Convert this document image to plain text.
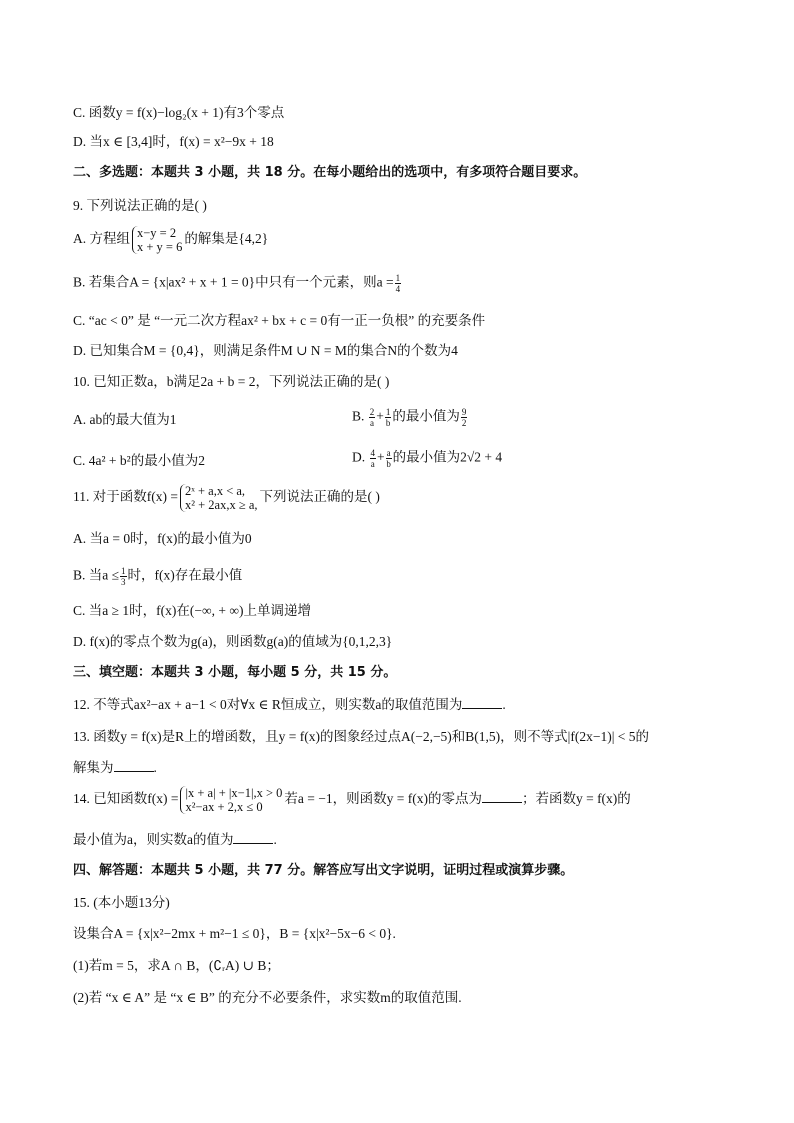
C. 函数y = f(x)−log₂(x + 1)有3个零点
D. 当x ∈ [3,4]时，f(x) = x²−9x + 18
二、多选题：本题共 3 小题，共 18 分。在每小题给出的选项中，有多项符合题目要求。
9. 下列说法正确的是( )
A. 方程组 x−y = 2
x + y = 6
的解集是{4,2}
B. 若集合A = {x|ax² + x + 1 = 0}中只有一个元素，则$a = \frac{1}{4}$
C. “ac < 0” 是 “一元二次方程ax² + bx + c = 0有一正一负根” 的充要条件
D. 已知集合M = {0,4}，则满足条件M ∪ N = M的集合N的个数为4
10. 已知正数a，b满足2a + b = 2，下列说法正确的是( )
A. ab的最大值为1	B. $\frac{2}{a} + \frac{1}{b}$ 的最小值为 $\frac{9}{2}$
C. 4a² + b²的最小值为2	D. $\frac{4}{a} + \frac{a}{b}$ 的最小值为2√2 + 4
11. 对于函数f(x) = 2ˣ + a,x < a,
x² + 2ax,x ≥ a,
下列说法正确的是( )
A. 当a = 0时，f(x)的最小值为0
B. 当$a \le \frac{1}{3}$ 时，f(x)存在最小值
C. 当a ≥ 1时，f(x)在(−∞, + ∞)上单调递增
D. f(x)的零点个数为g(a)，则函数g(a)的值域为{0,1,2,3}
三、填空题：本题共 3 小题，每小题 5 分，共 15 分。
12. 不等式ax²−ax + a−1 < 0对∀x ∈ R恒成立，则实数a的取值范围为	.
13. 函数y = f(x)是R上的增函数，且y = f(x)的图象经过点A(−2,−5)和B(1,5)，则不等式|f(2x−1)| < 5的
解集为	.
14. 已知函数f(x) = |x + a| + |x−1|,x > 0
x²−ax + 2,x ≤ 0
若a = −1，则函数y = f(x)的零点为	；若函数y = f(x)的
最小值为a，则实数a的值为	.
四、解答题：本题共 5 小题，共 77 分。解答应写出文字说明，证明过程或演算步骤。
15. (本小题13分)
设集合A = {x|x²−2mx + m²−1 ≤ 0}，B = {x|x²−5x−6 < 0}.
(1)若m = 5，求A ∩ B，(∁ᵣA) ∪ B；
(2)若 “x ∈ A” 是 “x ∈ B” 的充分不必要条件，求实数m的取值范围.
